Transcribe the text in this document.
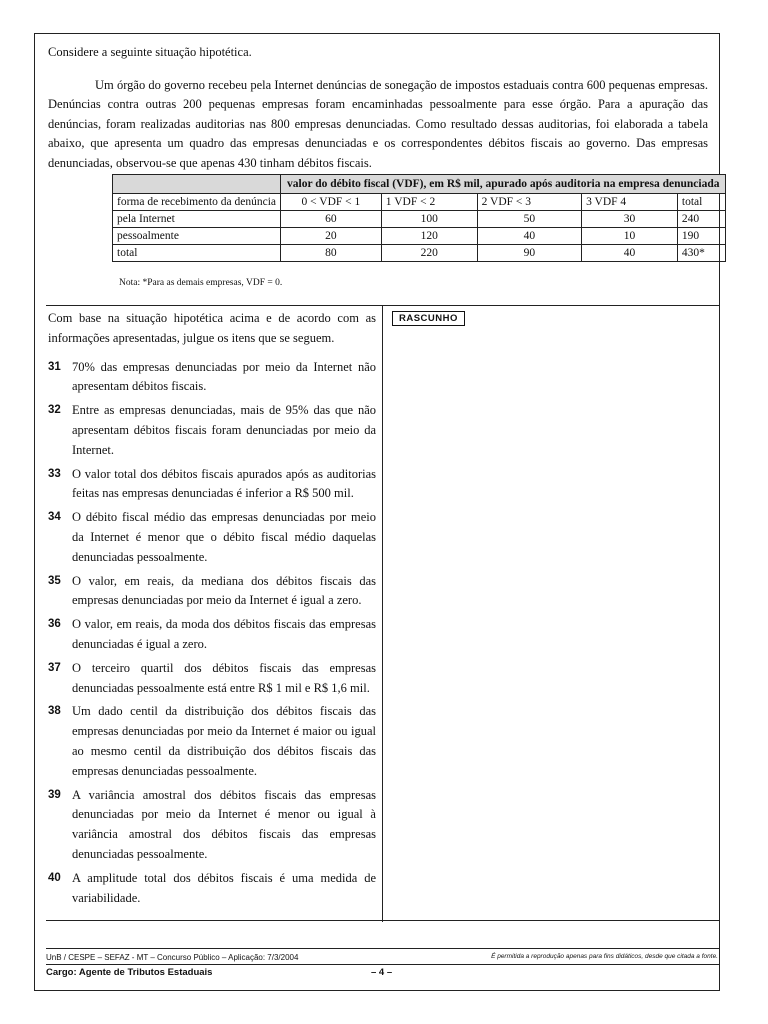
Considere a seguinte situação hipotética.

Um órgão do governo recebeu pela Internet denúncias de sonegação de impostos estaduais contra 600 pequenas empresas. Denúncias contra outras 200 pequenas empresas foram encaminhadas pessoalmente para esse órgão. Para a apuração das denúncias, foram realizadas auditorias nas 800 empresas denunciadas. Como resultado dessas auditorias, foi elaborada a tabela abaixo, que apresenta um quadro das empresas denunciadas e os correspondentes débitos fiscais ao governo. Das empresas denunciadas, observou-se que apenas 430 tinham débitos fiscais.

	valor do débito fiscal (VDF), em R$ mil, apurado após auditoria na empresa denunciada				
forma de recebimento da denúncia	0 < VDF < 1	1 VDF < 2	2 VDF < 3	3 VDF 4	total
pela Internet	60	100	50	30	240
pessoalmente	20	120	40	10	190
total	80	220	90	40	430*
Nota: *Para as demais empresas, VDF = 0.

Com base na situação hipotética acima e de acordo com as informações apresentadas, julgue os itens que se seguem.

31 70% das empresas denunciadas por meio da Internet não apresentam débitos fiscais.
32 Entre as empresas denunciadas, mais de 95% das que não apresentam débitos fiscais foram denunciadas por meio da Internet.
33 O valor total dos débitos fiscais apurados após as auditorias feitas nas empresas denunciadas é inferior a R$ 500 mil.
34 O débito fiscal médio das empresas denunciadas por meio da Internet é menor que o débito fiscal médio daquelas denunciadas pessoalmente.
35 O valor, em reais, da mediana dos débitos fiscais das empresas denunciadas por meio da Internet é igual a zero.
36 O valor, em reais, da moda dos débitos fiscais das empresas denunciadas é igual a zero.
37 O terceiro quartil dos débitos fiscais das empresas denunciadas pessoalmente está entre R$ 1 mil e R$ 1,6 mil.
38 Um dado centil da distribuição dos débitos fiscais das empresas denunciadas por meio da Internet é maior ou igual ao mesmo centil da distribuição dos débitos fiscais das empresas denunciadas pessoalmente.
39 A variância amostral dos débitos fiscais das empresas denunciadas por meio da Internet é menor ou igual à variância amostral dos débitos fiscais das empresas denunciadas pessoalmente.
40 A amplitude total dos débitos fiscais é uma medida de variabilidade.
RASCUNHO
UnB / CESPE – SEFAZ - MT – Concurso Público – Aplicação: 7/3/2004	É permitida a reprodução apenas para fins didáticos, desde que citada a fonte.
Cargo: Agente de Tributos Estaduais	– 4 –
